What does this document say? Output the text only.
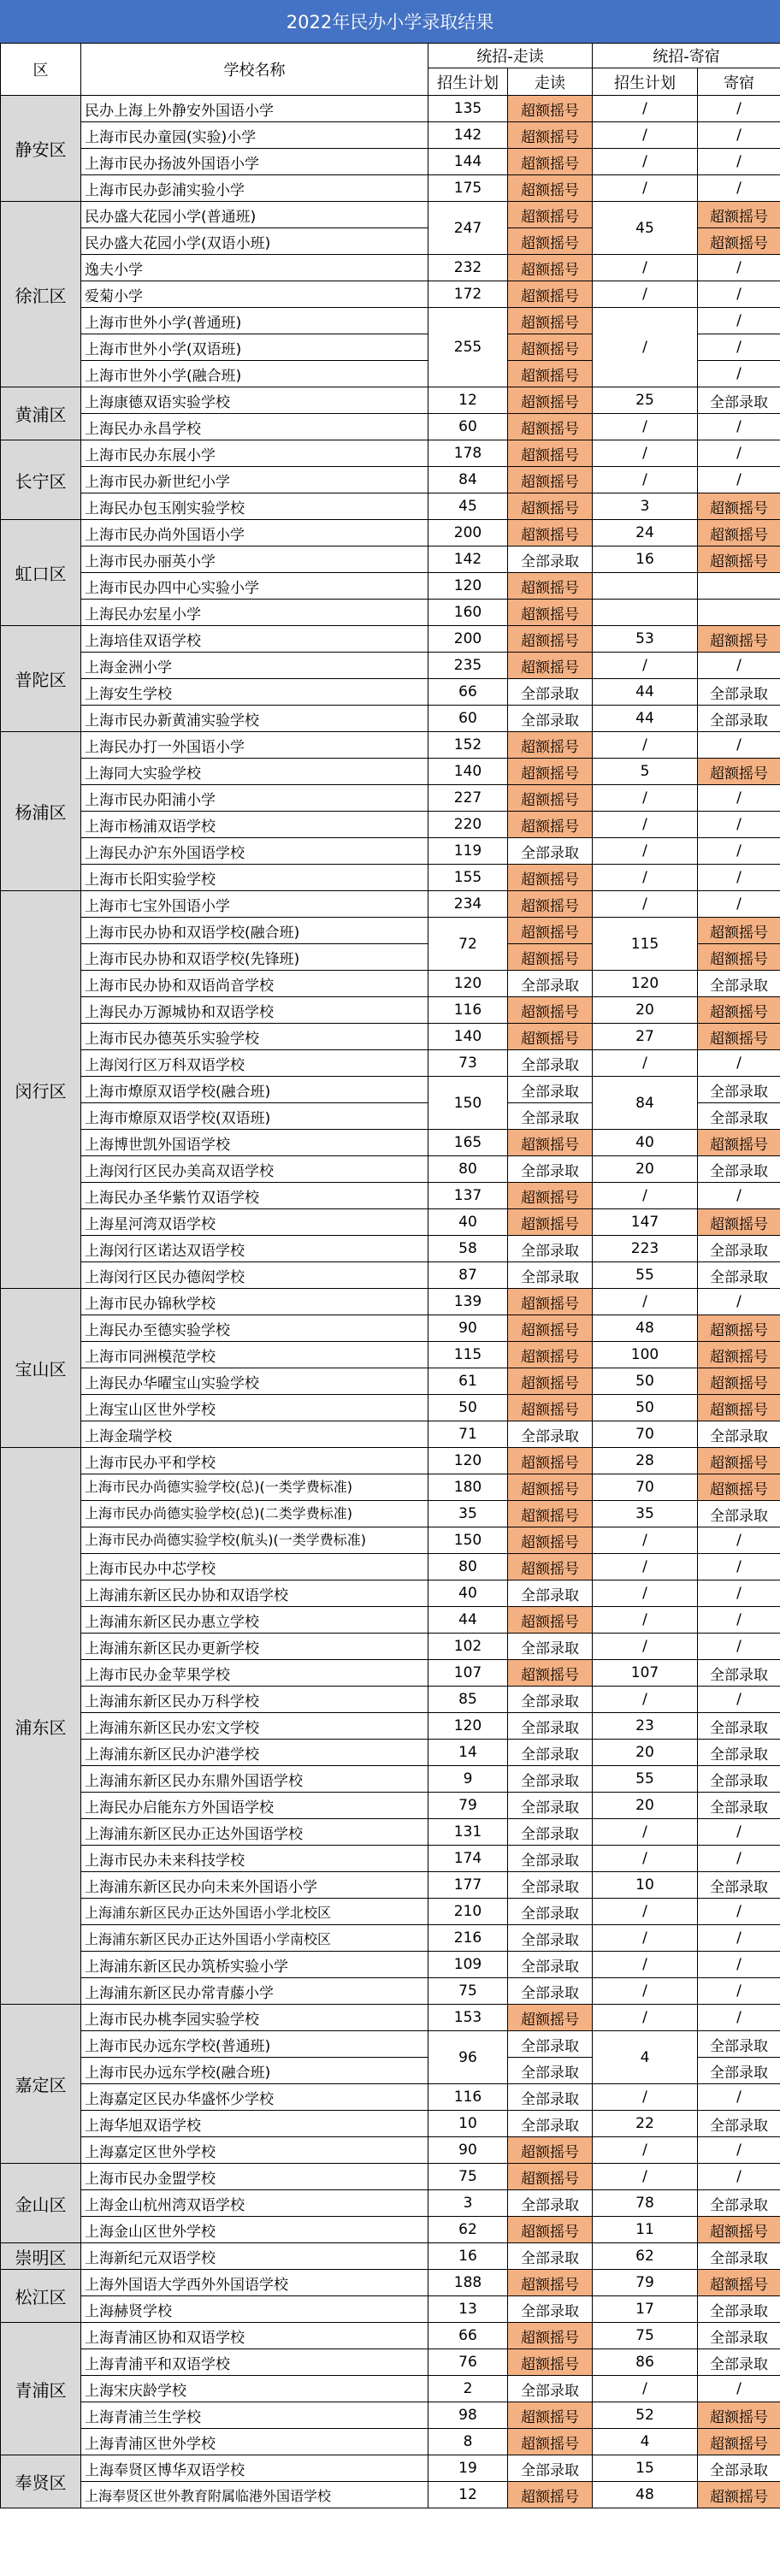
2022年民办小学录取结果
区	学校名称	统招-走读		统招-寄宿	
		招生计划	走读	招生计划	寄宿
静安区	民办上海上外静安外国语小学	135	超额摇号	/	/
	上海市民办童园(实验)小学	142	超额摇号	/	/
	上海市民办扬波外国语小学	144	超额摇号	/	/
	上海市民办彭浦实验小学	175	超额摇号	/	/
徐汇区	民办盛大花园小学(普通班)	247	超额摇号	45	超额摇号
	民办盛大花园小学(双语小班)		超额摇号		超额摇号
	逸夫小学	232	超额摇号	/	/
	爱菊小学	172	超额摇号	/	/
	上海市世外小学(普通班)	255	超额摇号	/	/
	上海市世外小学(双语班)		超额摇号		/
	上海市世外小学(融合班)		超额摇号		/
黄浦区	上海康德双语实验学校	12	超额摇号	25	全部录取
	上海民办永昌学校	60	超额摇号	/	/
长宁区	上海市民办东展小学	178	超额摇号	/	/
	上海市民办新世纪小学	84	超额摇号	/	/
	上海民办包玉刚实验学校	45	超额摇号	3	超额摇号
虹口区	上海市民办尚外国语小学	200	超额摇号	24	超额摇号
	上海市民办丽英小学	142	全部录取	16	超额摇号
	上海市民办四中心实验小学	120	超额摇号		
	上海民办宏星小学	160	超额摇号		
普陀区	上海培佳双语学校	200	超额摇号	53	超额摇号
	上海金洲小学	235	超额摇号	/	/
	上海安生学校	66	全部录取	44	全部录取
	上海市民办新黄浦实验学校	60	全部录取	44	全部录取
杨浦区	上海民办打一外国语小学	152	超额摇号	/	/
	上海同大实验学校	140	超额摇号	5	超额摇号
	上海市民办阳浦小学	227	超额摇号	/	/
	上海市杨浦双语学校	220	超额摇号	/	/
	上海民办沪东外国语学校	119	全部录取	/	/
	上海市长阳实验学校	155	超额摇号	/	/
闵行区	上海市七宝外国语小学	234	超额摇号	/	/
	上海市民办协和双语学校(融合班)	72	超额摇号	115	超额摇号
	上海市民办协和双语学校(先锋班)		超额摇号		超额摇号
	上海市民办协和双语尚音学校	120	全部录取	120	全部录取
	上海民办万源城协和双语学校	116	超额摇号	20	超额摇号
	上海市民办德英乐实验学校	140	超额摇号	27	超额摇号
	上海闵行区万科双语学校	73	全部录取	/	/
	上海市燎原双语学校(融合班)	150	全部录取	84	全部录取
	上海市燎原双语学校(双语班)		全部录取		全部录取
	上海博世凯外国语学校	165	超额摇号	40	超额摇号
	上海闵行区民办美高双语学校	80	全部录取	20	全部录取
	上海民办圣华紫竹双语学校	137	超额摇号	/	/
	上海星河湾双语学校	40	超额摇号	147	超额摇号
	上海闵行区诺达双语学校	58	全部录取	223	全部录取
	上海闵行区民办德闳学校	87	全部录取	55	全部录取
宝山区	上海市民办锦秋学校	139	超额摇号	/	/
	上海民办至德实验学校	90	超额摇号	48	超额摇号
	上海市同洲模范学校	115	超额摇号	100	超额摇号
	上海民办华曜宝山实验学校	61	超额摇号	50	超额摇号
	上海宝山区世外学校	50	超额摇号	50	超额摇号
	上海金瑞学校	71	全部录取	70	全部录取
浦东区	上海市民办平和学校	120	超额摇号	28	超额摇号
	上海市民办尚德实验学校(总)(一类学费标准)	180	超额摇号	70	超额摇号

	上海市民办尚德实验学校(总)(二类学费标准)	35	超额摇号	35	全部录取

	上海市民办尚德实验学校(航头)(一类学费标准)	150	超额摇号	/	/

	上海市民办中芯学校	80	超额摇号	/	/
	上海浦东新区民办协和双语学校	40	全部录取	/	/
	上海浦东新区民办惠立学校	44	超额摇号	/	/
	上海浦东新区民办更新学校	102	全部录取	/	/
	上海市民办金苹果学校	107	超额摇号	107	全部录取
	上海浦东新区民办万科学校	85	全部录取	/	/
	上海浦东新区民办宏文学校	120	全部录取	23	全部录取
	上海浦东新区民办沪港学校	14	全部录取	20	全部录取
	上海浦东新区民办东鼎外国语学校	9	全部录取	55	全部录取
	上海民办启能东方外国语学校	79	全部录取	20	全部录取
	上海浦东新区民办正达外国语学校	131	全部录取	/	/
	上海市民办未来科技学校	174	全部录取	/	/
	上海浦东新区民办向未来外国语小学	177	全部录取	10	全部录取
	上海浦东新区民办正达外国语小学北校区	210	全部录取	/	/
	上海浦东新区民办正达外国语小学南校区	216	全部录取	/	/
	上海浦东新区民办筑桥实验小学	109	全部录取	/	/
	上海浦东新区民办常青藤小学	75	全部录取	/	/
嘉定区	上海市民办桃李园实验学校	153	超额摇号	/	/
	上海市民办远东学校(普通班)	96	全部录取	4	全部录取
	上海市民办远东学校(融合班)		全部录取		全部录取
	上海嘉定区民办华盛怀少学校	116	全部录取	/	/
	上海华旭双语学校	10	全部录取	22	全部录取
	上海嘉定区世外学校	90	超额摇号	/	/
金山区	上海市民办金盟学校	75	超额摇号	/	/
	上海金山杭州湾双语学校	3	全部录取	78	全部录取
	上海金山区世外学校	62	超额摇号	11	超额摇号
崇明区	上海新纪元双语学校	16	全部录取	62	全部录取
松江区	上海外国语大学西外外国语学校	188	超额摇号	79	超额摇号
	上海赫贤学校	13	全部录取	17	全部录取
青浦区	上海青浦区协和双语学校	66	超额摇号	75	全部录取
	上海青浦平和双语学校	76	超额摇号	86	全部录取
	上海宋庆龄学校	2	全部录取	/	/
	上海青浦兰生学校	98	超额摇号	52	超额摇号
	上海青浦区世外学校	8	超额摇号	4	超额摇号
奉贤区	上海奉贤区博华双语学校	19	全部录取	15	全部录取
	上海奉贤区世外教育附属临港外国语学校	12	超额摇号	48	超额摇号
